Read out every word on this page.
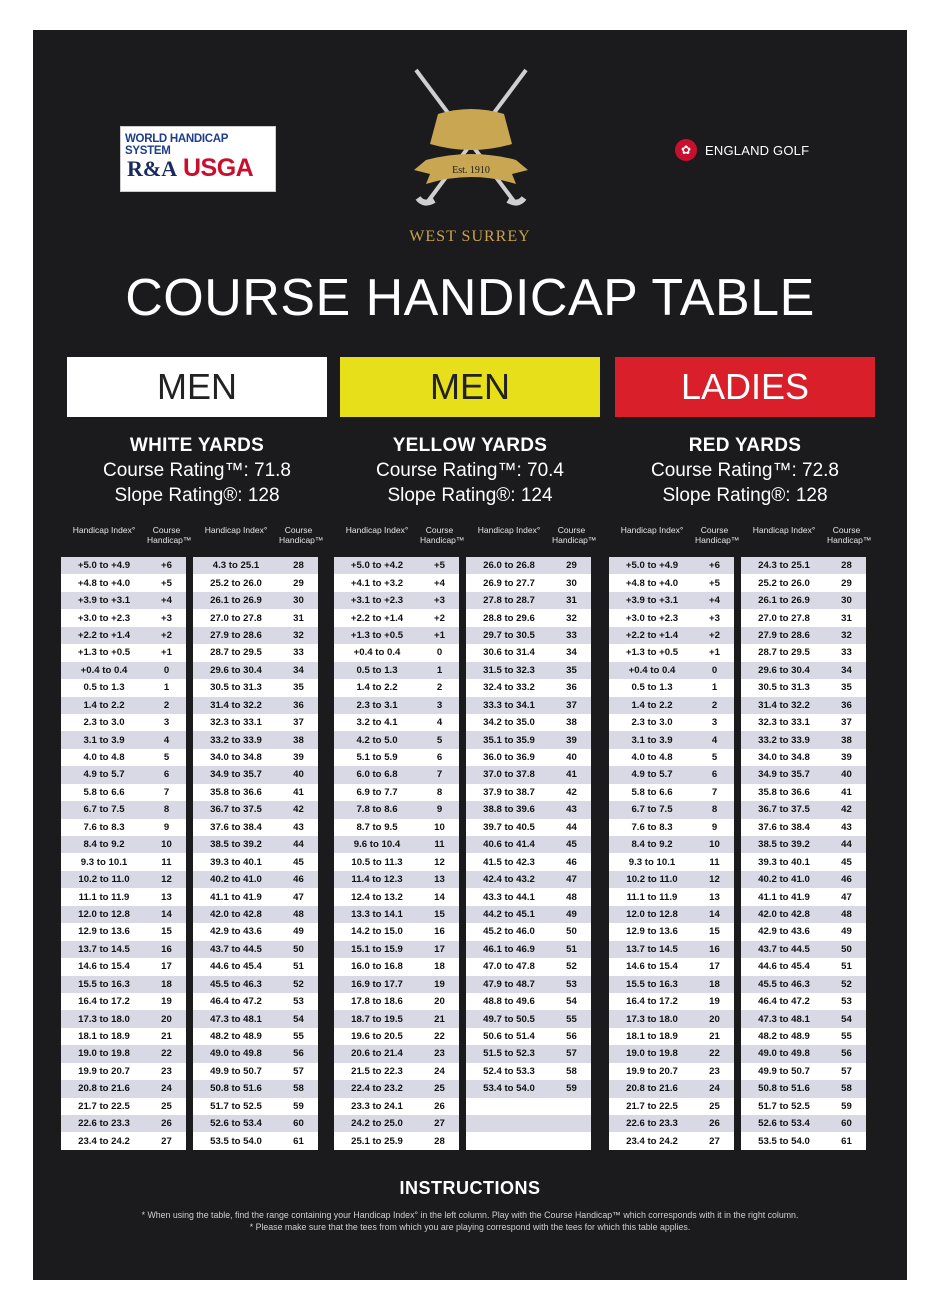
WORLD HANDICAP SYSTEM
R&A USGA	Est. 1910
WEST SURREY
✿	ENGLAND GOLF
COURSE HANDICAP TABLE
MEN
WHITE YARDS
Course Rating™: 71.8
Slope Rating®: 128
Handicap Index°	Course Handicap™
+5.0 to +4.9	+6
+4.8 to +4.0	+5
+3.9 to +3.1	+4
+3.0 to +2.3	+3
+2.2 to +1.4	+2
+1.3 to +0.5	+1
+0.4 to 0.4	0
0.5 to 1.3	1
1.4 to 2.2	2
2.3 to 3.0	3
3.1 to 3.9	4
4.0 to 4.8	5
4.9 to 5.7	6
5.8 to 6.6	7
6.7 to 7.5	8
7.6 to 8.3	9
8.4 to 9.2	10
9.3 to 10.1	11
10.2 to 11.0	12
11.1 to 11.9	13
12.0 to 12.8	14
12.9 to 13.6	15
13.7 to 14.5	16
14.6 to 15.4	17
15.5 to 16.3	18
16.4 to 17.2	19
17.3 to 18.0	20
18.1 to 18.9	21
19.0 to 19.8	22
19.9 to 20.7	23
20.8 to 21.6	24
21.7 to 22.5	25
22.6 to 23.3	26
23.4 to 24.2	27
Handicap Index°	Course Handicap™
4.3 to 25.1	28
25.2 to 26.0	29
26.1 to 26.9	30
27.0 to 27.8	31
27.9 to 28.6	32
28.7 to 29.5	33
29.6 to 30.4	34
30.5 to 31.3	35
31.4 to 32.2	36
32.3 to 33.1	37
33.2 to 33.9	38
34.0 to 34.8	39
34.9 to 35.7	40
35.8 to 36.6	41
36.7 to 37.5	42
37.6 to 38.4	43
38.5 to 39.2	44
39.3 to 40.1	45
40.2 to 41.0	46
41.1 to 41.9	47
42.0 to 42.8	48
42.9 to 43.6	49
43.7 to 44.5	50
44.6 to 45.4	51
45.5 to 46.3	52
46.4 to 47.2	53
47.3 to 48.1	54
48.2 to 48.9	55
49.0 to 49.8	56
49.9 to 50.7	57
50.8 to 51.6	58
51.7 to 52.5	59
52.6 to 53.4	60
53.5 to 54.0	61
MEN
YELLOW YARDS
Course Rating™: 70.4
Slope Rating®: 124
Handicap Index°	Course Handicap™
+5.0 to +4.2	+5
+4.1 to +3.2	+4
+3.1 to +2.3	+3
+2.2 to +1.4	+2
+1.3 to +0.5	+1
+0.4 to 0.4	0
0.5 to 1.3	1
1.4 to 2.2	2
2.3 to 3.1	3
3.2 to 4.1	4
4.2 to 5.0	5
5.1 to 5.9	6
6.0 to 6.8	7
6.9 to 7.7	8
7.8 to 8.6	9
8.7 to 9.5	10
9.6 to 10.4	11
10.5 to 11.3	12
11.4 to 12.3	13
12.4 to 13.2	14
13.3 to 14.1	15
14.2 to 15.0	16
15.1 to 15.9	17
16.0 to 16.8	18
16.9 to 17.7	19
17.8 to 18.6	20
18.7 to 19.5	21
19.6 to 20.5	22
20.6 to 21.4	23
21.5 to 22.3	24
22.4 to 23.2	25
23.3 to 24.1	26
24.2 to 25.0	27
25.1 to 25.9	28
Handicap Index°	Course Handicap™
26.0 to 26.8	29
26.9 to 27.7	30
27.8 to 28.7	31
28.8 to 29.6	32
29.7 to 30.5	33
30.6 to 31.4	34
31.5 to 32.3	35
32.4 to 33.2	36
33.3 to 34.1	37
34.2 to 35.0	38
35.1 to 35.9	39
36.0 to 36.9	40
37.0 to 37.8	41
37.9 to 38.7	42
38.8 to 39.6	43
39.7 to 40.5	44
40.6 to 41.4	45
41.5 to 42.3	46
42.4 to 43.2	47
43.3 to 44.1	48
44.2 to 45.1	49
45.2 to 46.0	50
46.1 to 46.9	51
47.0 to 47.8	52
47.9 to 48.7	53
48.8 to 49.6	54
49.7 to 50.5	55
50.6 to 51.4	56
51.5 to 52.3	57
52.4 to 53.3	58
53.4 to 54.0	59
LADIES
RED YARDS
Course Rating™: 72.8
Slope Rating®: 128
Handicap Index°	Course Handicap™
+5.0 to +4.9	+6
+4.8 to +4.0	+5
+3.9 to +3.1	+4
+3.0 to +2.3	+3
+2.2 to +1.4	+2
+1.3 to +0.5	+1
+0.4 to 0.4	0
0.5 to 1.3	1
1.4 to 2.2	2
2.3 to 3.0	3
3.1 to 3.9	4
4.0 to 4.8	5
4.9 to 5.7	6
5.8 to 6.6	7
6.7 to 7.5	8
7.6 to 8.3	9
8.4 to 9.2	10
9.3 to 10.1	11
10.2 to 11.0	12
11.1 to 11.9	13
12.0 to 12.8	14
12.9 to 13.6	15
13.7 to 14.5	16
14.6 to 15.4	17
15.5 to 16.3	18
16.4 to 17.2	19
17.3 to 18.0	20
18.1 to 18.9	21
19.0 to 19.8	22
19.9 to 20.7	23
20.8 to 21.6	24
21.7 to 22.5	25
22.6 to 23.3	26
23.4 to 24.2	27
Handicap Index°	Course Handicap™
24.3 to 25.1	28
25.2 to 26.0	29
26.1 to 26.9	30
27.0 to 27.8	31
27.9 to 28.6	32
28.7 to 29.5	33
29.6 to 30.4	34
30.5 to 31.3	35
31.4 to 32.2	36
32.3 to 33.1	37
33.2 to 33.9	38
34.0 to 34.8	39
34.9 to 35.7	40
35.8 to 36.6	41
36.7 to 37.5	42
37.6 to 38.4	43
38.5 to 39.2	44
39.3 to 40.1	45
40.2 to 41.0	46
41.1 to 41.9	47
42.0 to 42.8	48
42.9 to 43.6	49
43.7 to 44.5	50
44.6 to 45.4	51
45.5 to 46.3	52
46.4 to 47.2	53
47.3 to 48.1	54
48.2 to 48.9	55
49.0 to 49.8	56
49.9 to 50.7	57
50.8 to 51.6	58
51.7 to 52.5	59
52.6 to 53.4	60
53.5 to 54.0	61
INSTRUCTIONS
* When using the table, find the range containing your Handicap Index° in the left column. Play with the Course Handicap™ which corresponds with it in the right column.
* Please make sure that the tees from which you are playing correspond with the tees for which this table applies.
